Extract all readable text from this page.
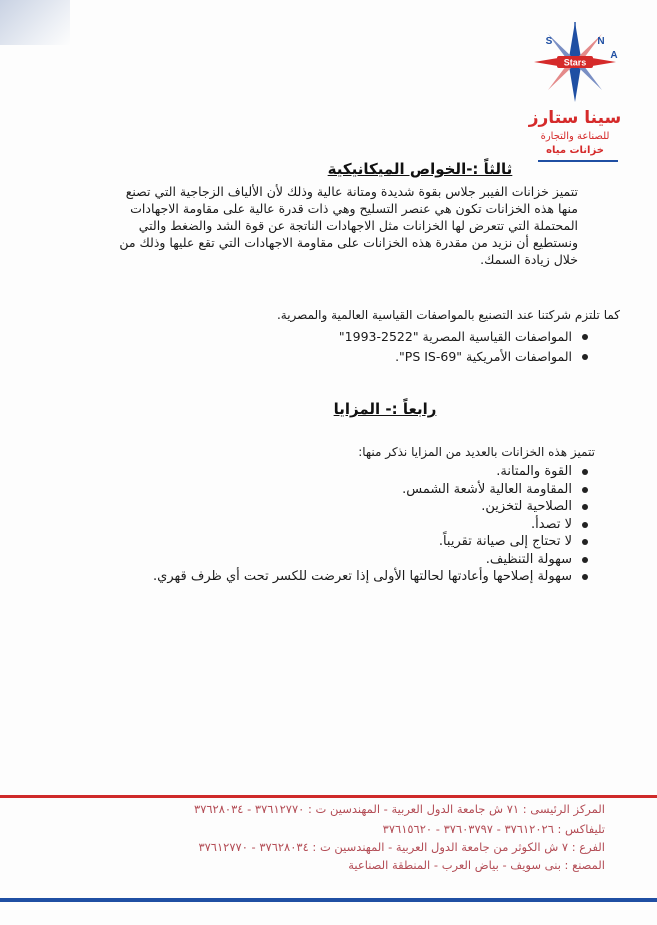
Stars
I
S	N
A
سينا ستارز
للصناعة والتجارة
خزانات مياه
ثالثاً :-الخواص الميكانيكية
تتميز خزانات الفيبر جلاس بقوة شديدة ومتانة عالية وذلك لأن الألياف الزجاجية التي تصنع
منها هذه الخزانات تكون هي عنصر التسليح وهي ذات قدرة عالية على مقاومة الاجهادات
المحتملة التي تتعرض لها الخزانات مثل الاجهادات الناتجة عن قوة الشد والضغط والتي
ونستطيع أن نزيد من مقدرة هذه الخزانات على مقاومة الاجهادات التي تقع عليها وذلك من
خلال زيادة السمك.
كما تلتزم شركتنا عند التصنيع بالمواصفات القياسية العالمية والمصرية.
المواصفات القياسية المصرية "2522-1993"
المواصفات الأمريكية "69-PS IS".
رابعاً :- المزايا
تتميز هذه الخزانات بالعديد من المزايا نذكر منها:
القوة والمتانة.
المقاومة العالية لأشعة الشمس.
الصلاحية لتخزين.
لا تصدأ.
لا تحتاج إلى صيانة تقريباً.
سهولة التنظيف.
سهولة إصلاحها وأعادتها لحالتها الأولى إذا تعرضت للكسر تحت أي ظرف قهري.
المركز الرئيسى : ٧١ ش جامعة الدول العربية - المهندسين ت : ٣٧٦١٢٧٧٠ - ٣٧٦٢٨٠٣٤
تليفاكس : ٣٧٦١٢٠٢٦ - ٣٧٦٠٣٧٩٧ - ٣٧٦١٥٦٢٠
الفرع : ٧ ش الكوثر من جامعة الدول العربية - المهندسين ت : ٣٧٦٢٨٠٣٤ - ٣٧٦١٢٧٧٠
المصنع : بنى سويف - بياض العرب - المنطقة الصناعية
